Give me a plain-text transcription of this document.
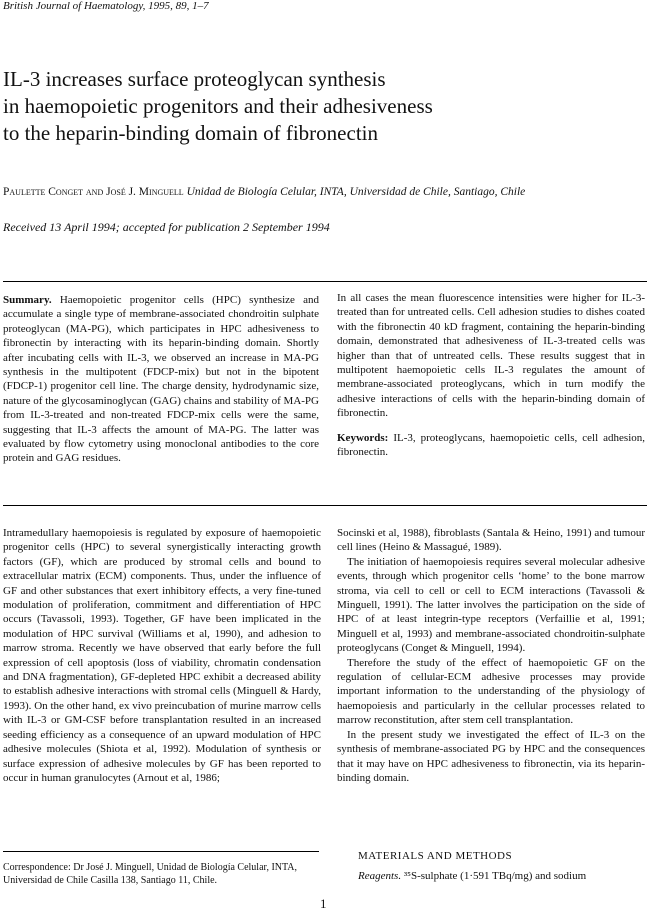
British Journal of Haematology, 1995, 89, 1–7
IL-3 increases surface proteoglycan synthesis
in haemopoietic progenitors and their adhesiveness
to the heparin-binding domain of fibronectin
Paulette Conget and José J. Minguell Unidad de Biología Celular, INTA, Universidad de Chile, Santiago, Chile
Received 13 April 1994; accepted for publication 2 September 1994

Summary. Haemopoietic progenitor cells (HPC) synthesize and accumulate a single type of membrane-associated chondroitin sulphate proteoglycan (MA-PG), which participates in HPC adhesiveness to fibronectin by interacting with its heparin-binding domain. Shortly after incubating cells with IL-3, we observed an increase in MA-PG synthesis in the multipotent (FDCP-mix) but not in the bipotent (FDCP-1) progenitor cell line. The charge density, hydrodynamic size, nature of the glycosaminoglycan (GAG) chains and stability of MA-PG from IL-3-treated and non-treated FDCP-mix cells were the same, suggesting that IL-3 affects the amount of MA-PG. The latter was evaluated by flow cytometry using monoclonal antibodies to the core protein and GAG residues.

In all cases the mean fluorescence intensities were higher for IL-3-treated than for untreated cells. Cell adhesion studies to dishes coated with the fibronectin 40 kD fragment, containing the heparin-binding domain, demonstrated that adhesiveness of IL-3-treated cells was higher than that of untreated cells. These results suggest that in multipotent haemopoietic cells IL-3 regulates the amount of membrane-associated proteoglycans, which in turn modify the adhesive interactions of cells with the heparin-binding domain of fibronectin.

Keywords: IL-3, proteoglycans, haemopoietic cells, cell adhesion, fibronectin.

Intramedullary haemopoiesis is regulated by exposure of haemopoietic progenitor cells (HPC) to several synergistically interacting growth factors (GF), which are produced by stromal cells and bound to extracellular matrix (ECM) components. Thus, under the influence of GF and other substances that exert inhibitory effects, a very fine-tuned modulation of proliferation, commitment and differentiation of HPC occurs (Tavassoli, 1993). Together, GF have been implicated in the modulation of HPC survival (Williams et al, 1990), and adhesion to marrow stroma. Recently we have observed that early before the full expression of cell apoptosis (loss of viability, chromatin condensation and DNA fragmentation), GF-depleted HPC exhibit a decreased ability to establish adhesive interactions with stromal cells (Minguell & Hardy, 1993). On the other hand, ex vivo preincubation of murine marrow cells with IL-3 or GM-CSF before transplantation resulted in an increased seeding efficiency as a consequence of an upward modulation of HPC adhesive molecules (Shiota et al, 1992). Modulation of synthesis or surface expression of adhesive molecules by GF has been reported to occur in human granulocytes (Arnout et al, 1986;

Socinski et al, 1988), fibroblasts (Santala & Heino, 1991) and tumour cell lines (Heino & Massagué, 1989).

The initiation of haemopoiesis requires several molecular adhesive events, through which progenitor cells ‘home’ to the bone marrow stroma, via cell to cell or cell to ECM interactions (Tavassoli & Minguell, 1991). The latter involves the participation on the side of HPC of at least integrin-type receptors (Verfaillie et al, 1991; Minguell et al, 1993) and membrane-associated chondroitin-sulphate proteoglycans (Conget & Minguell, 1994).

Therefore the study of the effect of haemopoietic GF on the regulation of cellular-ECM adhesive processes may provide important information to the understanding of the physiology of haemopoiesis and particularly in the cellular processes related to marrow reconstitution, after stem cell transplantation.

In the present study we investigated the effect of IL-3 on the synthesis of membrane-associated PG by HPC and the consequences that it may have on HPC adhesiveness to fibronectin, via its heparin-binding domain.

Correspondence: Dr José J. Minguell, Unidad de Biología Celular, INTA, Universidad de Chile Casilla 138, Santiago 11, Chile.
MATERIALS AND METHODS
Reagents. ³⁵S-sulphate (1·591 TBq/mg) and sodium
1
